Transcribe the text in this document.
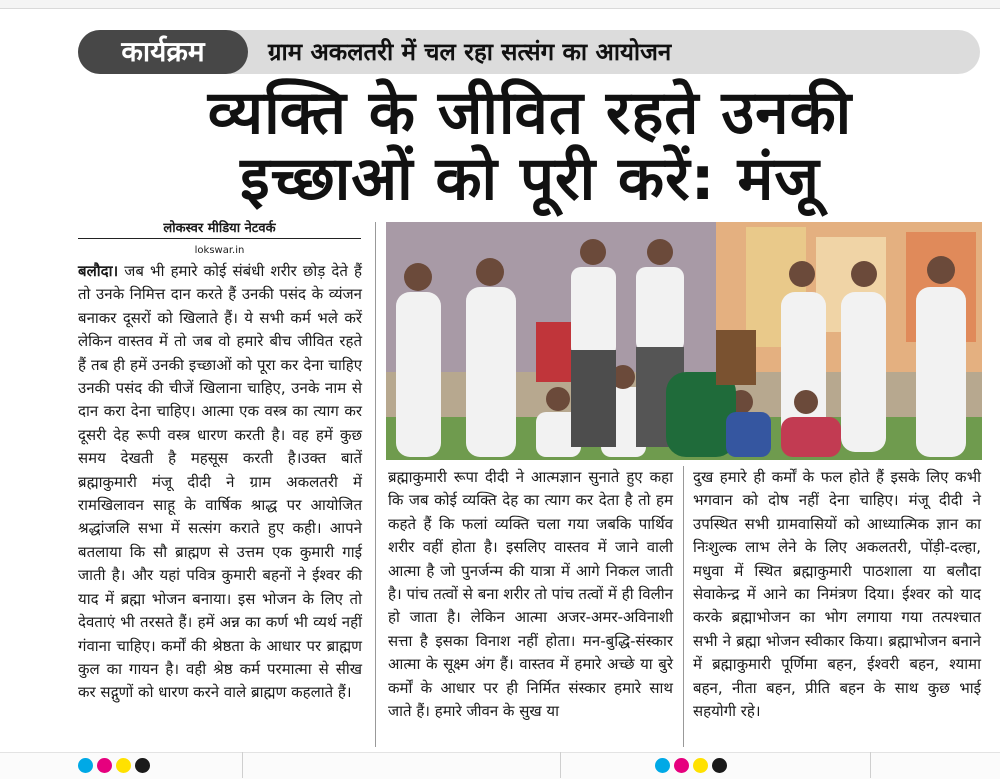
कार्यक्रम	ग्राम अकलतरी में चल रहा सत्संग का आयोजन
व्यक्ति के जीवित रहते उनकी
इच्छाओं को पूरी करें: मंजू
लोकस्वर मीडिया नेटवर्क
lokswar.in
बलौदा। जब भी हमारे कोई संबंधी शरीर छोड़ देते हैं तो उनके निमित्त दान करते हैं उनकी पसंद के व्यंजन बनाकर दूसरों को खिलाते हैं। ये सभी कर्म भले करें लेकिन वास्तव में तो जब वो हमारे बीच जीवित रहते हैं तब ही हमें उनकी इच्छाओं को पूरा कर देना चाहिए उनकी पसंद की चीजें खिलाना चाहिए, उनके नाम से दान करा देना चाहिए। आत्मा एक वस्त्र का त्याग कर दूसरी देह रूपी वस्त्र धारण करती है। वह हमें कुछ समय देखती है महसूस करती है।उक्त बातें ब्रह्माकुमारी मंजू दीदी ने ग्राम अकलतरी में रामखिलावन साहू के वार्षिक श्राद्ध पर आयोजित श्रद्धांजलि सभा में सत्संग कराते हुए कही। आपने बतलाया कि सौ ब्राह्मण से उत्तम एक कुमारी गाई जाती है। और यहां पवित्र कुमारी बहनों ने ईश्वर की याद में ब्रह्मा भोजन बनाया। इस भोजन के लिए तो देवताएं भी तरसते हैं। हमें अन्न का कर्ण भी व्यर्थ नहीं गंवाना चाहिए। कर्मों की श्रेष्ठता के आधार पर ब्राह्मण कुल का गायन है। वही श्रेष्ठ कर्म परमात्मा से सीख कर सद्गुणों को धारण करने वाले ब्राह्मण कहलाते हैं।
ब्रह्माकुमारी रूपा दीदी ने आत्मज्ञान सुनाते हुए कहा कि जब कोई व्यक्ति देह का त्याग कर देता है तो हम कहते हैं कि फलां व्यक्ति चला गया जबकि पार्थिव शरीर वहीं होता है। इसलिए वास्तव में जाने वाली आत्मा है जो पुनर्जन्म की यात्रा में आगे निकल जाती है। पांच तत्वों से बना शरीर तो पांच तत्वों में ही विलीन हो जाता है। लेकिन आत्मा अजर-अमर-अविनाशी सत्ता है इसका विनाश नहीं होता। मन-बुद्धि-संस्कार आत्मा के सूक्ष्म अंग हैं। वास्तव में हमारे अच्छे या बुरे कर्मों के आधार पर ही निर्मित संस्कार हमारे साथ जाते हैं। हमारे जीवन के सुख या
दुख हमारे ही कर्मों के फल होते हैं इसके लिए कभी भगवान को दोष नहीं देना चाहिए। मंजू दीदी ने उपस्थित सभी ग्रामवासियों को आध्यात्मिक ज्ञान का निःशुल्क लाभ लेने के लिए अकलतरी, पोंड़ी-दल्हा, मधुवा में स्थित ब्रह्माकुमारी पाठशाला या बलौदा सेवाकेन्द्र में आने का निमंत्रण दिया। ईश्वर को याद करके ब्रह्माभोजन का भोग लगाया गया तत्पश्चात सभी ने ब्रह्मा भोजन स्वीकार किया। ब्रह्माभोजन बनाने में ब्रह्माकुमारी पूर्णिमा बहन, ईश्वरी बहन, श्यामा बहन, नीता बहन, प्रीति बहन के साथ कुछ भाई सहयोगी रहे।
